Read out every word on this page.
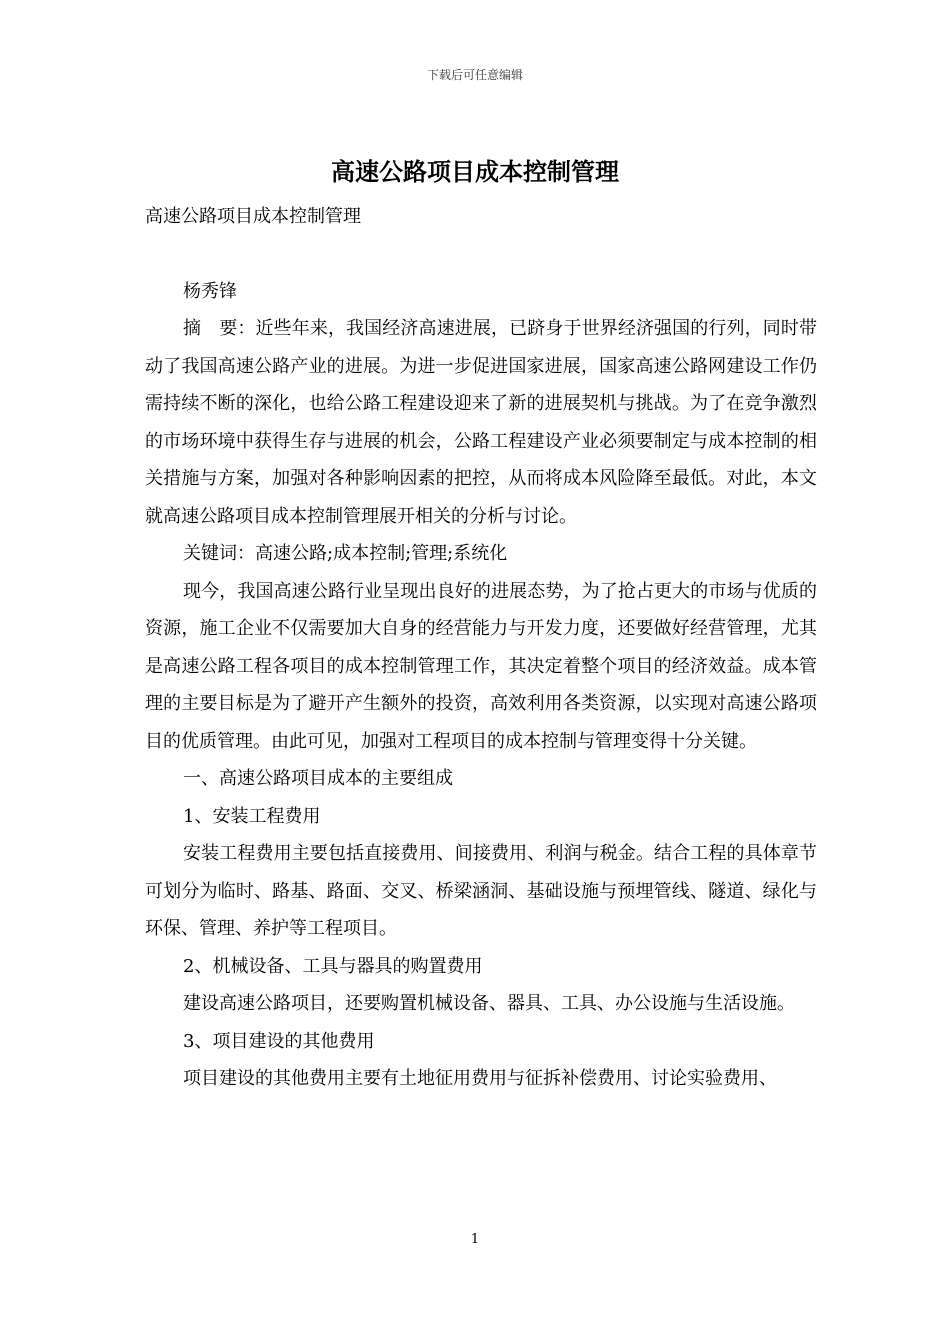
下载后可任意编辑
高速公路项目成本控制管理

高速公路项目成本控制管理

杨秀锋

摘　要：近些年来，我国经济高速进展，已跻身于世界经济强国的行列，同时带动了我国高速公路产业的进展。为进一步促进国家进展，国家高速公路网建设工作仍需持续不断的深化，也给公路工程建设迎来了新的进展契机与挑战。为了在竞争激烈的市场环境中获得生存与进展的机会，公路工程建设产业必须要制定与成本控制的相关措施与方案，加强对各种影响因素的把控，从而将成本风险降至最低。对此，本文就高速公路项目成本控制管理展开相关的分析与讨论。

关键词：高速公路;成本控制;管理;系统化

现今，我国高速公路行业呈现出良好的进展态势，为了抢占更大的市场与优质的资源，施工企业不仅需要加大自身的经营能力与开发力度，还要做好经营管理，尤其是高速公路工程各项目的成本控制管理工作，其决定着整个项目的经济效益。成本管理的主要目标是为了避开产生额外的投资，高效利用各类资源，以实现对高速公路项目的优质管理。由此可见，加强对工程项目的成本控制与管理变得十分关键。

一、高速公路项目成本的主要组成

1、安装工程费用

安装工程费用主要包括直接费用、间接费用、利润与税金。结合工程的具体章节可划分为临时、路基、路面、交叉、桥梁涵洞、基础设施与预埋管线、隧道、绿化与环保、管理、养护等工程项目。

2、机械设备、工具与器具的购置费用

建设高速公路项目，还要购置机械设备、器具、工具、办公设施与生活设施。

3、项目建设的其他费用

项目建设的其他费用主要有土地征用费用与征拆补偿费用、讨论实验费用、

1
